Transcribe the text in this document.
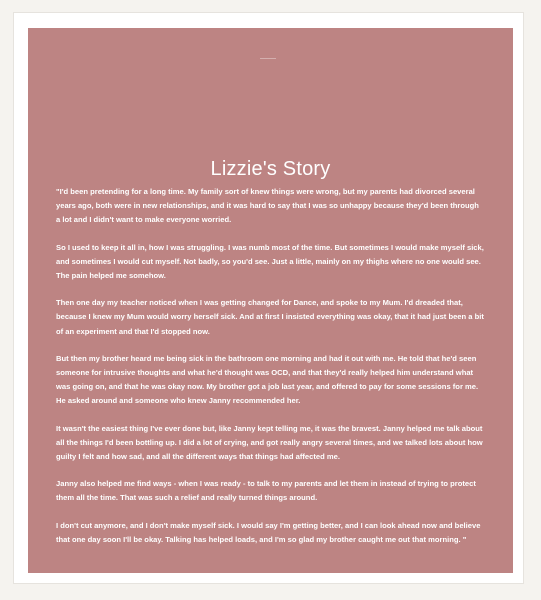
Lizzie's Story

"I'd been pretending for a long time. My family sort of knew things were wrong, but my parents had divorced several years ago, both were in new relationships, and it was hard to say that I was so unhappy because they'd been through a lot and I didn't want to make everyone worried.

So I used to keep it all in, how I was struggling. I was numb most of the time. But sometimes I would make myself sick, and sometimes I would cut myself. Not badly, so you'd see. Just a little, mainly on my thighs where no one would see. The pain helped me somehow.

Then one day my teacher noticed when I was getting changed for Dance, and spoke to my Mum. I'd dreaded that, because I knew my Mum would worry herself sick. And at first I insisted everything was okay, that it had just been a bit of an experiment and that I'd stopped now.

But then my brother heard me being sick in the bathroom one morning and had it out with me. He told that he'd seen someone for intrusive thoughts and what he'd thought was OCD, and that they'd really helped him understand what was going on, and that he was okay now. My brother got a job last year, and offered to pay for some sessions for me. He asked around and someone who knew Janny recommended her.

It wasn't the easiest thing I've ever done but, like Janny kept telling me, it was the bravest. Janny helped me talk about all the things I'd been bottling up. I did a lot of crying, and got really angry several times, and we talked lots about how guilty I felt and how sad, and all the different ways that things had affected me.

Janny also helped me find ways - when I was ready - to talk to my parents and let them in instead of trying to protect them all the time. That was such a relief and really turned things around.

I don't cut anymore, and I don't make myself sick. I would say I'm getting better, and I can look ahead now and believe that one day soon I'll be okay. Talking has helped loads, and I'm so glad my brother caught me out that morning. "
